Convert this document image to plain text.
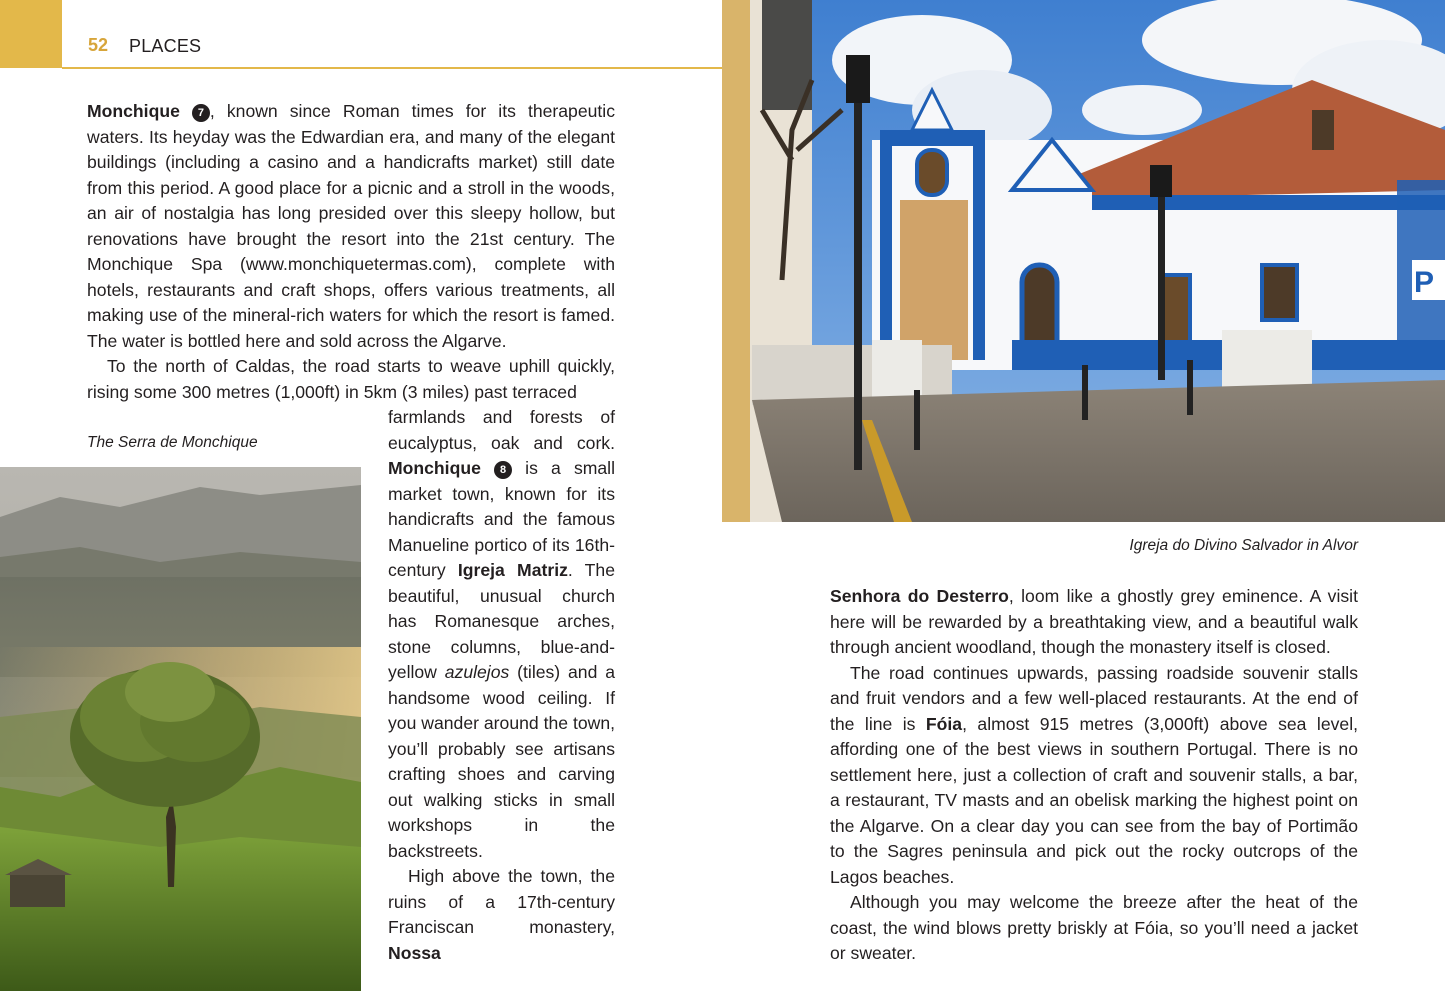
52 PLACES

Monchique 7 , known since Roman times for its therapeutic waters. Its heyday was the Edwardian era, and many of the elegant buildings (including a casino and a handicrafts market) still date from this period. A good place for a picnic and a stroll in the woods, an air of nostalgia has long presided over this sleepy hollow, but renovations have brought the resort into the 21st century. The Monchique Spa (www.monchiquetermas.com), complete with hotels, restaurants and craft shops, offers various treatments, all making use of the mineral-rich waters for which the resort is famed. The water is bottled here and sold across the Algarve.

To the north of Caldas, the road starts to weave uphill quickly, rising some 300 metres (1,000ft) in 5km (3 miles) past terraced

The Serra de Monchique

farmlands and forests of eucalyptus, oak and cork. Monchique 8 is a small market town, known for its handicrafts and the famous Manueline portico of its 16th-century Igreja Matriz. The beautiful, unusual church has Romanesque arches, stone columns, blue-and-yellow azulejos (tiles) and a handsome wood ceiling. If you wander around the town, you’ll probably see artisans crafting shoes and carving out walking sticks in small workshops in the backstreets.

High above the town, the ruins of a 17th-century Franciscan monastery, Nossa

P
Igreja do Divino Salvador in Alvor

Senhora do Desterro, loom like a ghostly grey eminence. A visit here will be rewarded by a breathtaking view, and a beautiful walk through ancient woodland, though the monastery itself is closed.

The road continues upwards, passing roadside souvenir stalls and fruit vendors and a few well-placed restaurants. At the end of the line is Fóia, almost 915 metres (3,000ft) above sea level, affording one of the best views in southern Portugal. There is no settlement here, just a collection of craft and souvenir stalls, a bar, a restaurant, TV masts and an obelisk marking the highest point on the Algarve. On a clear day you can see from the bay of Portimão to the Sagres peninsula and pick out the rocky outcrops of the Lagos beaches.

Although you may welcome the breeze after the heat of the coast, the wind blows pretty briskly at Fóia, so you’ll need a jacket or sweater.
